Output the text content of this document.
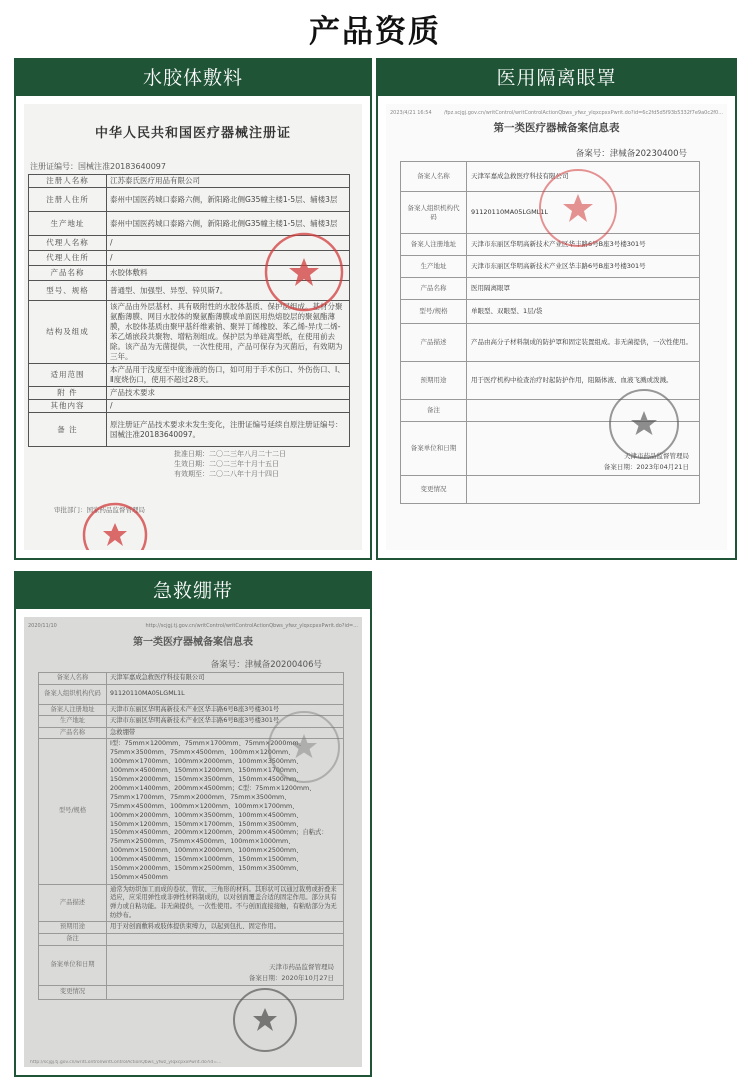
产品资质
水胶体敷料
中华人民共和国医疗器械注册证
注册证编号：国械注准20183640097
注册人名称	江苏泰氏医疗用品有限公司
注册人住所	泰州中国医药城口泰路六侧，新阳路北侧G35幢主楼1-5层、辅楼3层
生产地址	泰州中国医药城口泰路六侧，新阳路北侧G35幢主楼1-5层、辅楼3层
代理人名称	/
代理人住所	/
产品名称	水胶体敷料
型号、规格	普通型、加强型、异型、锌贝斯7。
结构及组成	该产品由外层基材、具有吸附性的水胶体基质、保护层组成。基材分聚氨酯薄膜、网目水胶体的聚氨酯薄膜或单面医用热熔胶层的聚氨酯薄膜，水胶体基质由聚甲基纤维素钠、聚异丁烯橡胶、苯乙烯-异戊二烯-苯乙烯嵌段共聚物、增粘剂组成。保护层为单硅离型纸，在使用前去除。该产品为无菌提供，一次性使用，产品可保存为灭菌后，有效期为三年。
适用范围	本产品用于浅度至中度渗液的伤口，如可用于手术伤口、外伤伤口、Ⅰ、Ⅱ度烧伤口，使用不超过28天。
附 件	产品技术要求
其他内容	/
备 注	原注册证产品技术要求未发生变化，注册证编号延续自原注册证编号：国械注准20183640097。
批准日期：二〇二三年八月二十二日
生效日期：二〇二三年十月十五日
有效期至：二〇二八年十月十四日
审批部门：国家药品监督管理局
医用隔离眼罩
2023/4/21 16:54 /fpz.scjgj.gov.cn/writControl/writControlActionQbws_yfwz_ylqxcpxxPwrit.do?id=6c2fd5d5f93b5332f7e9a0c2f0...
第一类医疗器械备案信息表
备案号：津械备20230400号
备案人名称	天津军嘉成急救医疗科技有限公司
备案人组织机构代码	91120110MA05LGML1L
备案人注册地址	天津市东丽区华明高新技术产业区华丰路6号B座3号楼301号
生产地址	天津市东丽区华明高新技术产业区华丰路6号B座3号楼301号
产品名称	医用隔离眼罩
型号/规格	单眼型、双眼型、1层/袋
产品描述	产品由高分子材料制成的防护罩和固定装置组成。非无菌提供，一次性使用。
预期用途	用于医疗机构中检查治疗时起防护作用，阻隔体液、血液飞溅或泼溅。
备注	
备案单位和日期	天津市药品监督管理局
备案日期：2023年04月21日

变更情况	
急救绷带
2020/11/10	http://scjgj.tj.gov.cn/writControl/writControlActionQbws_yfwz_ylqxcpxxPwrit.do?id=...
第一类医疗器械备案信息表
备案号：津械备20200406号
备案人名称	天津军嘉成急救医疗科技有限公司
备案人组织机构代码	91120110MA05LGML1L
备案人注册地址	天津市东丽区华明高新技术产业区华丰路6号B座3号楼301号
生产地址	天津市东丽区华明高新技术产业区华丰路6号B座3号楼301号
产品名称	急救绷带
型号/规格	I型：75mm×1200mm、75mm×1700mm、75mm×2000mm、75mm×3500mm、75mm×4500mm、100mm×1200mm、100mm×1700mm、100mm×2000mm、100mm×3500mm、100mm×4500mm、150mm×1200mm、150mm×1700mm、150mm×2000mm、150mm×3500mm、150mm×4500mm、200mm×1400mm、200mm×4500mm；C型：75mm×1200mm、75mm×1700mm、75mm×2000mm、75mm×3500mm、75mm×4500mm、100mm×1200mm、100mm×1700mm、100mm×2000mm、100mm×3500mm、100mm×4500mm、150mm×1200mm、150mm×1700mm、150mm×3500mm、150mm×4500mm、200mm×1200mm、200mm×4500mm；自粘式：75mm×2500mm、75mm×4500mm、100mm×1000mm、100mm×1500mm、100mm×2000mm、100mm×2500mm、100mm×4500mm、150mm×1000mm、150mm×1500mm、150mm×2000mm、150mm×2500mm、150mm×3500mm、150mm×4500mm
产品描述	通常为纺织加工而成的卷状、管状、三角形的材料。其形状可以通过裁剪或折叠来适应，应采用弹性或非弹性材料制成的，以对创面覆盖合适的固定作用。部分具有弹力或自粘功能。非无菌提供，一次性使用。不与创面直接接触，有粘贴部分为无纺纱布。
预期用途	用于对创面敷料或肢体提供束缚力，以起到包扎、固定作用。
备注	
备案单位和日期	天津市药品监督管理局
备案日期：2020年10月27日

变更情况	
http://scjgj.tj.gov.cn/writControl/writControlActionQbws_yfwz_ylqxcpxxPwrit.do?id=...
